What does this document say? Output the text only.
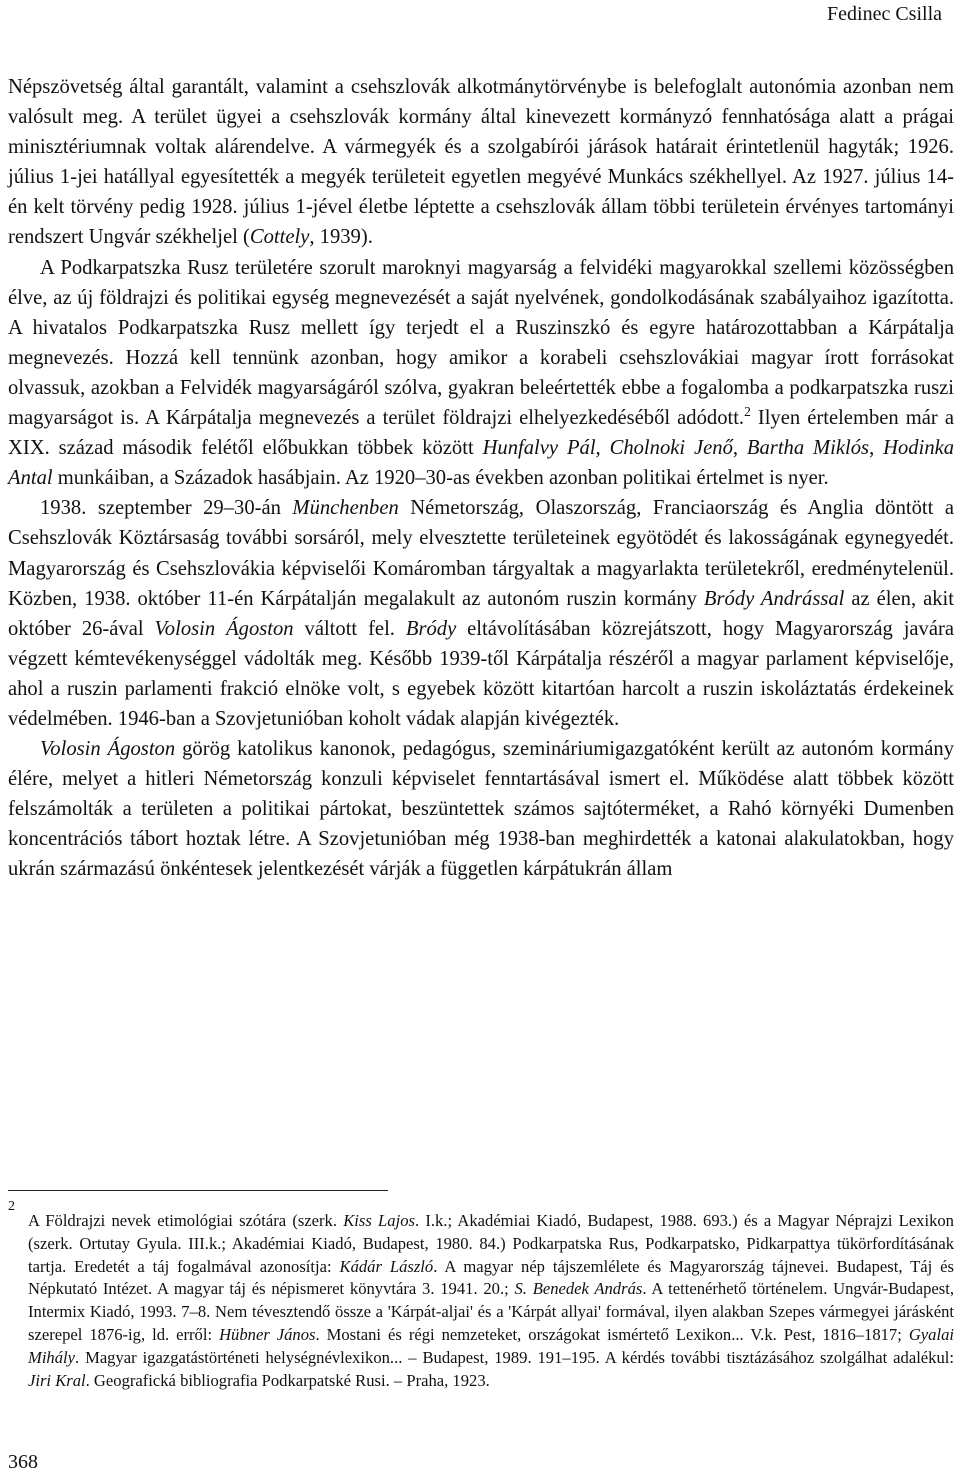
Fedinec Csilla

Népszövetség által garantált, valamint a csehszlovák alkotmánytörvénybe is belefoglalt autonómia azonban nem valósult meg. A terület ügyei a csehszlovák kormány által kinevezett kormányzó fennhatósága alatt a prágai minisztériumnak voltak alárendelve. A vármegyék és a szolgabírói járások határait érintetlenül hagyták; 1926. július 1-jei hatállyal egyesítették a megyék területeit egyetlen megyévé Munkács székhellyel. Az 1927. július 14-én kelt törvény pedig 1928. július 1-jével életbe léptette a csehszlovák állam többi területein érvényes tartományi rendszert Ungvár székheljel (Cottely, 1939).

A Podkarpatszka Rusz területére szorult maroknyi magyarság a felvidéki magyarokkal szellemi közösségben élve, az új földrajzi és politikai egység megnevezését a saját nyelvének, gondolkodásának szabályaihoz igazította. A hivatalos Podkarpatszka Rusz mellett így terjedt el a Ruszinszkó és egyre határozottabban a Kárpátalja megnevezés. Hozzá kell tennünk azonban, hogy amikor a korabeli csehszlovákiai magyar írott forrásokat olvassuk, azokban a Felvidék magyarságáról szólva, gyakran beleértették ebbe a fogalomba a podkarpatszka ruszi magyarságot is. A Kárpátalja megnevezés a terület földrajzi elhelyezkedéséből adódott.$^2$ Ilyen értelemben már a XIX. század második felétől előbukkan többek között Hunfalvy Pál, Cholnoki Jenő, Bartha Miklós, Hodinka Antal munkáiban, a Századok hasábjain. Az 1920–30-as években azonban politikai értelmet is nyer.

1938. szeptember 29–30-án Münchenben Németország, Olaszország, Franciaország és Anglia döntött a Csehszlovák Köztársaság további sorsáról, mely elvesztette területeinek egyötödét és lakosságának egynegyedét. Magyarország és Csehszlovákia képviselői Komáromban tárgyaltak a magyarlakta területekről, eredménytelenül. Közben, 1938. október 11-én Kárpátalján megalakult az autonóm ruszin kormány Bródy Andrással az élen, akit október 26-ával Volosin Ágoston váltott fel. Bródy eltávolításában közrejátszott, hogy Magyarország javára végzett kémtevékenységgel vádolták meg. Később 1939-től Kárpátalja részéről a magyar parlament képviselője, ahol a ruszin parlamenti frakció elnöke volt, s egyebek között kitartóan harcolt a ruszin iskoláztatás érdekeinek védelmében. 1946-ban a Szovjetunióban koholt vádak alapján kivégezték.

Volosin Ágoston görög katolikus kanonok, pedagógus, szemináriumigazgatóként került az autonóm kormány élére, melyet a hitleri Németország konzuli képviselet fenntartásával ismert el. Működése alatt többek között felszámolták a területen a politikai pártokat, beszüntettek számos sajtóterméket, a Rahó környéki Dumenben koncentrációs tábort hoztak létre. A Szovjetunióban még 1938-ban meghirdették a katonai alakulatokban, hogy ukrán származású önkéntesek jelentkezését várják a független kárpátukrán állam

2
A Földrajzi nevek etimológiai szótára (szerk. Kiss Lajos. I.k.; Akadémiai Kiadó, Budapest, 1988. 693.) és a Magyar Néprajzi Lexikon (szerk. Ortutay Gyula. III.k.; Akadémiai Kiadó, Budapest, 1980. 84.) Podkarpatska Rus, Podkarpatsko, Pidkarpattya tükörfordításának tartja. Eredetét a táj fogalmával azonosítja: Kádár László. A magyar nép tájszemlélete és Magyarország tájnevei. Budapest, Táj és Népkutató Intézet. A magyar táj és népismeret könyvtára 3. 1941. 20.; S. Benedek András. A tettenérhető történelem. Ungvár-Budapest, Intermix Kiadó, 1993. 7–8. Nem tévesztendő össze a 'Kárpát-aljai' és a 'Kárpát allyai' formával, ilyen alakban Szepes vármegyei járásként szerepel 1876-ig, ld. erről: Hübner János. Mostani és régi nemzeteket, országokat ismértető Lexikon... V.k. Pest, 1816–1817; Gyalai Mihály. Magyar igazgatástörténeti helységnévlexikon... – Budapest, 1989. 191–195. A kérdés további tisztázásához szolgálhat adalékul: Jiri Kral. Geografická bibliografia Podkarpatské Rusi. – Praha, 1923.
368
